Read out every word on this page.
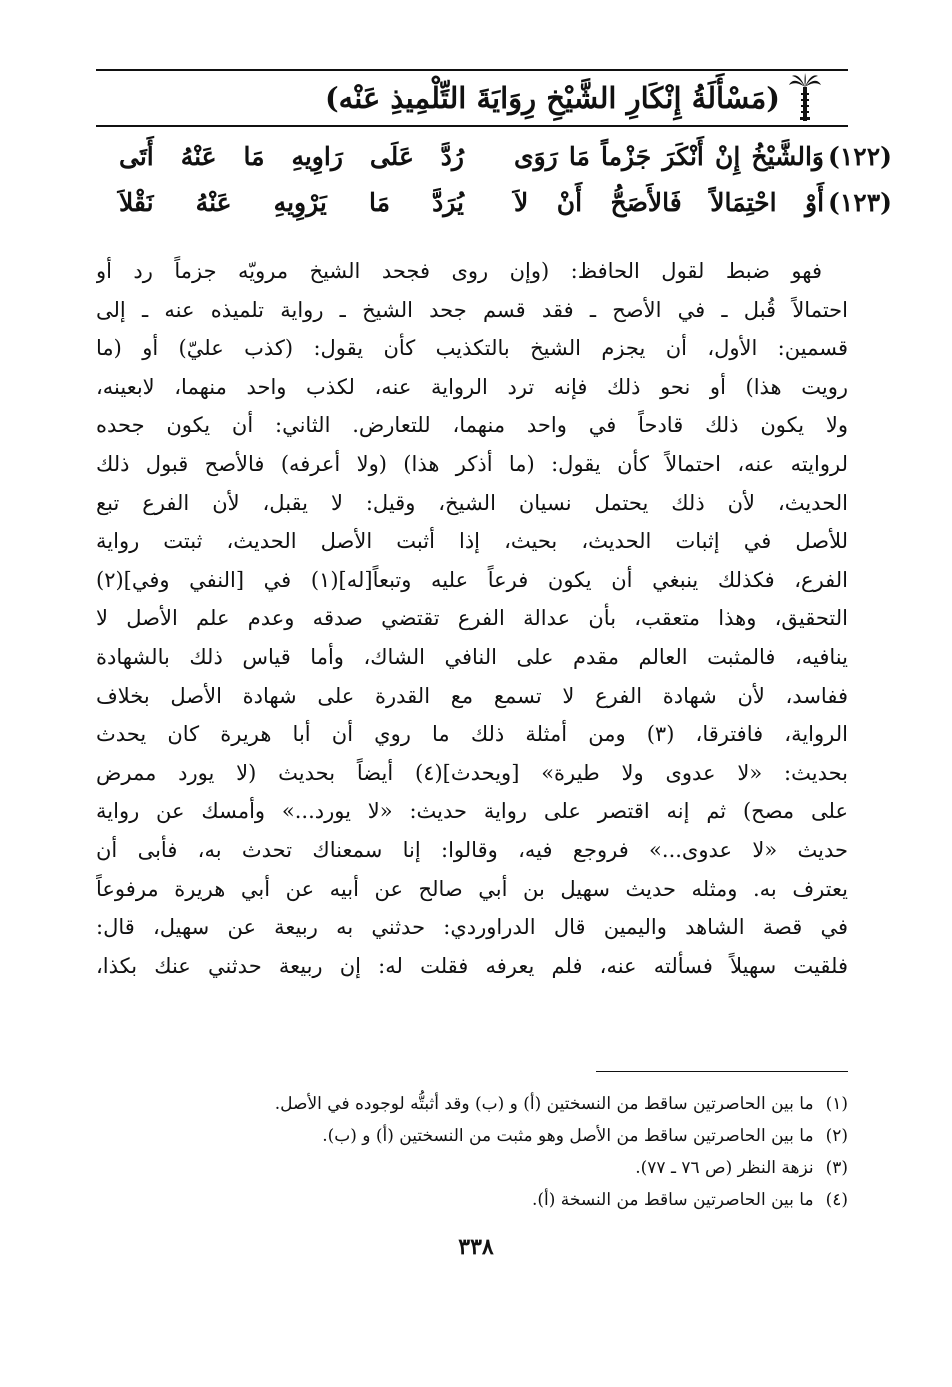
(مَسْأَلَةُ إِنْكَارِ الشَّيْخِ رِوَايَةَ التِّلْمِيذِ عَنْه)
(١٢٢)
وَالشَّيْخُ إِنْ أَنْكَرَ جَزْماً مَا رَوَى
رُدَّ عَلَى رَاوِيهِ مَا عَنْهُ أَتَى
(١٢٣)
أَوْ احْتِمَالاً فَالأَصَحُّ أَنْ لاَ
يُرَدَّ مَا يَرْوِيهِ عَنْهُ نَقْلاَ
فهو ضبط لقول الحافظ: (وإن روى فجحد الشيخ مرويّه جزماً رد أو
احتمالاً قُبل ـ في الأصح ـ فقد قسم جحد الشيخ ـ رواية تلميذه عنه ـ إلى
قسمين: الأول، أن يجزم الشيخ بالتكذيب كأن يقول: (كذب عليّ) أو (ما
رويت هذا) أو نحو ذلك فإنه ترد الرواية عنه، لكذب واحد منهما، لابعينه،
ولا يكون ذلك قادحاً في واحد منهما، للتعارض. الثاني: أن يكون جحده
لروايته عنه، احتمالاً كأن يقول: (ما أذكر هذا) (ولا أعرفه) فالأصح قبول ذلك
الحديث، لأن ذلك يحتمل نسيان الشيخ، وقيل: لا يقبل، لأن الفرع تبع
للأصل في إثبات الحديث، بحيث، إذا أثبت الأصل الحديث، ثبتت رواية
الفرع، فكذلك ينبغي أن يكون فرعاً عليه وتبعاً[له](١) في [النفي وفي](٢)
التحقيق، وهذا متعقب، بأن عدالة الفرع تقتضي صدقه وعدم علم الأصل لا
ينافيه، فالمثبت العالم مقدم على النافي الشاك، وأما قياس ذلك بالشهادة
ففاسد، لأن شهادة الفرع لا تسمع مع القدرة على شهادة الأصل بخلاف
الرواية، فافترقا، (٣) ومن أمثلة ذلك ما روي أن أبا هريرة كان يحدث
بحديث: «لا عدوى ولا طيرة» [ويحدث](٤) أيضاً بحديث (لا يورد ممرض
على مصح) ثم إنه اقتصر على رواية حديث: «لا يورد...» وأمسك عن رواية
حديث «لا عدوى...» فروجع فيه، وقالوا: إنا سمعناك تحدث به، فأبى أن
يعترف به. ومثله حديث سهيل بن أبي صالح عن أبيه عن أبي هريرة مرفوعاً
في قصة الشاهد واليمين قال الدراوردي: حدثني به ربيعة عن سهيل، قال:
فلقيت سهيلاً فسألته عنه، فلم يعرفه فقلت له: إن ربيعة حدثني عنك بكذا،
(١)ما بين الحاصرتين ساقط من النسختين (أ) و (ب) وقد أثبتُّه لوجوده في الأصل.
(٢)ما بين الحاصرتين ساقط من الأصل وهو مثبت من النسختين (أ) و (ب).
(٣)نزهة النظر (ص ٧٦ ـ ٧٧).
(٤)ما بين الحاصرتين ساقط من النسخة (أ).
٣٣٨
